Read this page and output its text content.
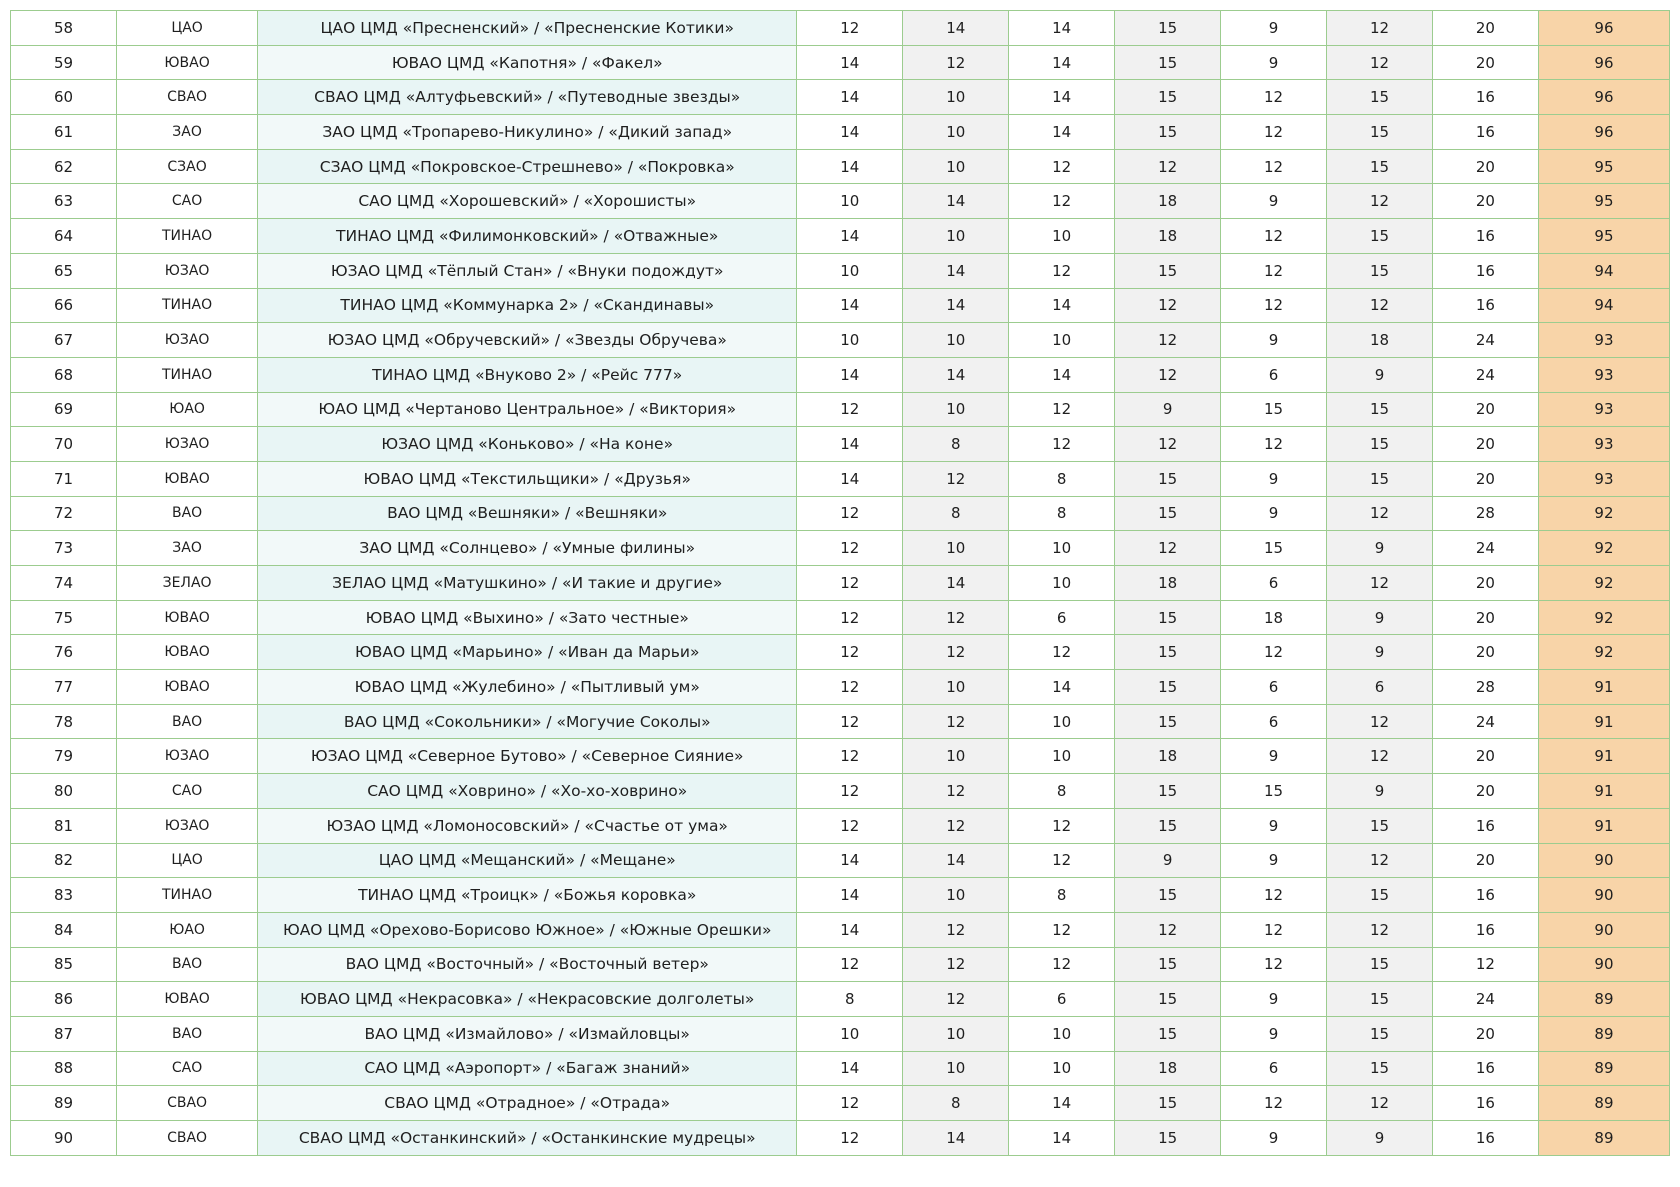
58	ЦАО	ЦАО ЦМД «Пресненский» / «Пресненские Котики»	12	14	14	15	9	12	20	96
59	ЮВАО	ЮВАО ЦМД «Капотня» / «Факел»	14	12	14	15	9	12	20	96
60	СВАО	СВАО ЦМД «Алтуфьевский» / «Путеводные звезды»	14	10	14	15	12	15	16	96
61	ЗАО	ЗАО ЦМД «Тропарево-Никулино» / «Дикий запад»	14	10	14	15	12	15	16	96
62	СЗАО	СЗАО ЦМД «Покровское-Стрешнево» / «Покровка»	14	10	12	12	12	15	20	95
63	САО	САО ЦМД «Хорошевский» / «Хорошисты»	10	14	12	18	9	12	20	95
64	ТИНАО	ТИНАО ЦМД «Филимонковский» / «Отважные»	14	10	10	18	12	15	16	95
65	ЮЗАО	ЮЗАО ЦМД «Тёплый Стан» / «Внуки подождут»	10	14	12	15	12	15	16	94
66	ТИНАО	ТИНАО ЦМД «Коммунарка 2» / «Скандинавы»	14	14	14	12	12	12	16	94
67	ЮЗАО	ЮЗАО ЦМД «Обручевский» / «Звезды Обручева»	10	10	10	12	9	18	24	93
68	ТИНАО	ТИНАО ЦМД «Внуково 2» / «Рейс 777»	14	14	14	12	6	9	24	93
69	ЮАО	ЮАО ЦМД «Чертаново Центральное» / «Виктория»	12	10	12	9	15	15	20	93
70	ЮЗАО	ЮЗАО ЦМД «Коньково» / «На коне»	14	8	12	12	12	15	20	93
71	ЮВАО	ЮВАО ЦМД «Текстильщики» / «Друзья»	14	12	8	15	9	15	20	93
72	ВАО	ВАО ЦМД «Вешняки» / «Вешняки»	12	8	8	15	9	12	28	92
73	ЗАО	ЗАО ЦМД «Солнцево» / «Умные филины»	12	10	10	12	15	9	24	92
74	ЗЕЛАО	ЗЕЛАО ЦМД «Матушкино» / «И такие и другие»	12	14	10	18	6	12	20	92
75	ЮВАО	ЮВАО ЦМД «Выхино» / «Зато честные»	12	12	6	15	18	9	20	92
76	ЮВАО	ЮВАО ЦМД «Марьино» / «Иван да Марьи»	12	12	12	15	12	9	20	92
77	ЮВАО	ЮВАО ЦМД «Жулебино» / «Пытливый ум»	12	10	14	15	6	6	28	91
78	ВАО	ВАО ЦМД «Сокольники» / «Могучие Соколы»	12	12	10	15	6	12	24	91
79	ЮЗАО	ЮЗАО ЦМД «Северное Бутово» / «Северное Сияние»	12	10	10	18	9	12	20	91
80	САО	САО ЦМД «Ховрино» / «Хо-хо-ховрино»	12	12	8	15	15	9	20	91
81	ЮЗАО	ЮЗАО ЦМД «Ломоносовский» / «Счастье от ума»	12	12	12	15	9	15	16	91
82	ЦАО	ЦАО ЦМД «Мещанский» / «Мещане»	14	14	12	9	9	12	20	90
83	ТИНАО	ТИНАО ЦМД «Троицк» / «Божья коровка»	14	10	8	15	12	15	16	90
84	ЮАО	ЮАО ЦМД «Орехово-Борисово Южное» / «Южные Орешки»	14	12	12	12	12	12	16	90
85	ВАО	ВАО ЦМД «Восточный» / «Восточный ветер»	12	12	12	15	12	15	12	90
86	ЮВАО	ЮВАО ЦМД «Некрасовка» / «Некрасовские долголеты»	8	12	6	15	9	15	24	89
87	ВАО	ВАО ЦМД «Измайлово» / «Измайловцы»	10	10	10	15	9	15	20	89
88	САО	САО ЦМД «Аэропорт» / «Багаж знаний»	14	10	10	18	6	15	16	89
89	СВАО	СВАО ЦМД «Отрадное» / «Отрада»	12	8	14	15	12	12	16	89
90	СВАО	СВАО ЦМД «Останкинский» / «Останкинские мудрецы»	12	14	14	15	9	9	16	89
